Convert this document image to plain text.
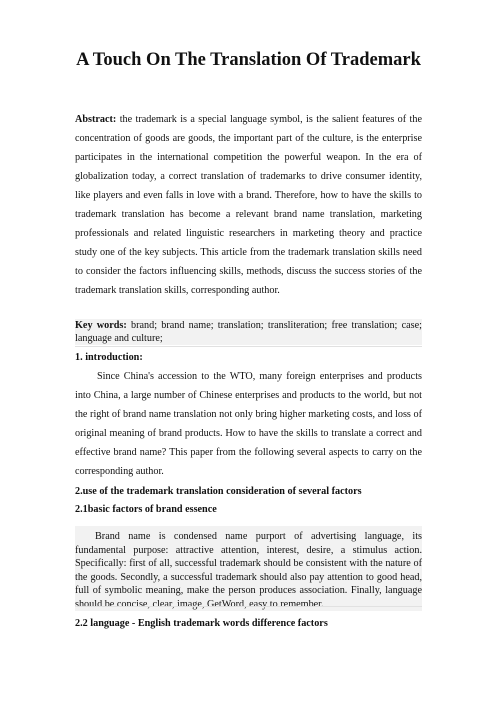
A Touch On The Translation Of Trademark
Abstract: the trademark is a special language symbol, is the salient features of the concentration of goods are goods, the important part of the culture, is the enterprise participates in the international competition the powerful weapon. In the era of globalization today, a correct translation of trademarks to drive consumer identity, like players and even falls in love with a brand. Therefore, how to have the skills to trademark translation has become a relevant brand name translation, marketing professionals and related linguistic researchers in marketing theory and practice study one of the key subjects. This article from the trademark translation skills need to consider the factors influencing skills, methods, discuss the success stories of the trademark translation skills, corresponding author.
Key words: brand; brand name; translation; transliteration; free translation; case; language and culture;
1. introduction:
Since China's accession to the WTO, many foreign enterprises and products into China, a large number of Chinese enterprises and products to the world, but not the right of brand name translation not only bring higher marketing costs, and loss of original meaning of brand products. How to have the skills to translate a correct and effective brand name? This paper from the following several aspects to carry on the corresponding author.
2.use of the trademark translation consideration of several factors
2.1basic factors of brand essence
Brand name is condensed name purport of advertising language, its fundamental purpose: attractive attention, interest, desire, a stimulus action. Specifically: first of all, successful trademark should be consistent with the nature of the goods. Secondly, a successful trademark should also pay attention to good head, full of symbolic meaning, make the person produces association. Finally, language should be concise, clear, image, GetWord, easy to remember.
2.2 language - English trademark words difference factors
